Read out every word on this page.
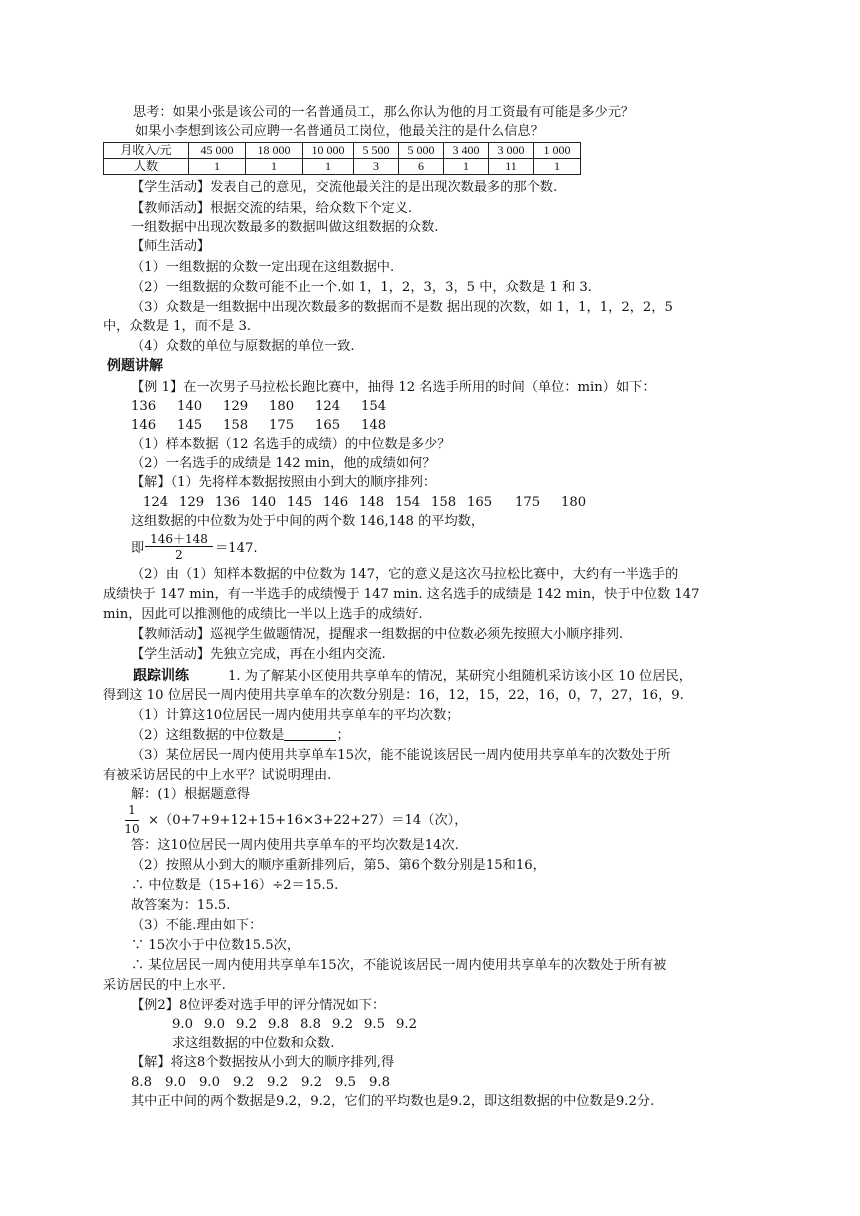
思考：如果小张是该公司的一名普通员工，那么你认为他的月工资最有可能是多少元？
如果小李想到该公司应聘一名普通员工岗位，他最关注的是什么信息？
月收入/元	45 000	18 000	10 000	5 500	5 000	3 400	3 000	1 000
人数	1	1	1	3	6	1	11	1
【学生活动】发表自己的意见，交流他最关注的是出现次数最多的那个数.
【教师活动】根据交流的结果，给众数下个定义.
一组数据中出现次数最多的数据叫做这组数据的众数.
【师生活动】
（1）一组数据的众数一定出现在这组数据中.
（2）一组数据的众数可能不止一个.如 1，1，2，3，3，5 中，众数是 1 和 3.
（3）众数是一组数据中出现次数最多的数据而不是数 据出现的次数，如 1，1，1，2，2，5
中，众数是 1，而不是 3.
（4）众数的单位与原数据的单位一致.
例题讲解
【例 1】在一次男子马拉松长跑比赛中，抽得 12 名选手所用的时间（单位：min）如下：
136 140 129 180 124 154
146 145 158 175 165 148
（1）样本数据（12 名选手的成绩）的中位数是多少？
（2）一名选手的成绩是 142 min，他的成绩如何？
【解】（1）先将样本数据按照由小到大的顺序排列：
124 129 136 140 145 146 148 154 158 165 175 180
这组数据的中位数为处于中间的两个数 146,148 的平均数，
即
146＋148
2	＝147.
（2）由（1）知样本数据的中位数为 147，它的意义是这次马拉松比赛中，大约有一半选手的
成绩快于 147 min，有一半选手的成绩慢于 147 min. 这名选手的成绩是 142 min，快于中位数 147
min，因此可以推测他的成绩比一半以上选手的成绩好.
【教师活动】巡视学生做题情况，提醒求一组数据的中位数必须先按照大小顺序排列.
【学生活动】先独立完成，再在小组内交流.
跟踪训练	1. 为了解某小区使用共享单车的情况，某研究小组随机采访该小区 10 位居民，
得到这 10 位居民一周内使用共享单车的次数分别是：16，12，15，22，16，0，7，27，16，9.
（1）计算这10位居民一周内使用共享单车的平均次数；
（2）这组数据的中位数是	；
（3）某位居民一周内使用共享单车15次，能不能说该居民一周内使用共享单车的次数处于所
有被采访居民的中上水平？试说明理由.
解：(1）根据题意得
1
10
×（0+7+9+12+15+16×3+22+27）＝14（次），
答：这10位居民一周内使用共享单车的平均次数是14次.
（2）按照从小到大的顺序重新排列后，第5、第6个数分别是15和16，
∴ 中位数是（15+16）÷2＝15.5.
故答案为：15.5.
（3）不能.理由如下：
∵ 15次小于中位数15.5次，
∴ 某位居民一周内使用共享单车15次，不能说该居民一周内使用共享单车的次数处于所有被
采访居民的中上水平.
【例2】8位评委对选手甲的评分情况如下：
9.0 9.0 9.2 9.8 8.8 9.2 9.5 9.2
求这组数据的中位数和众数.
【解】将这8个数据按从小到大的顺序排列,得
8.8 9.0 9.0 9.2 9.2 9.2 9.5 9.8
其中正中间的两个数据是9.2，9.2，它们的平均数也是9.2，即这组数据的中位数是9.2分.
